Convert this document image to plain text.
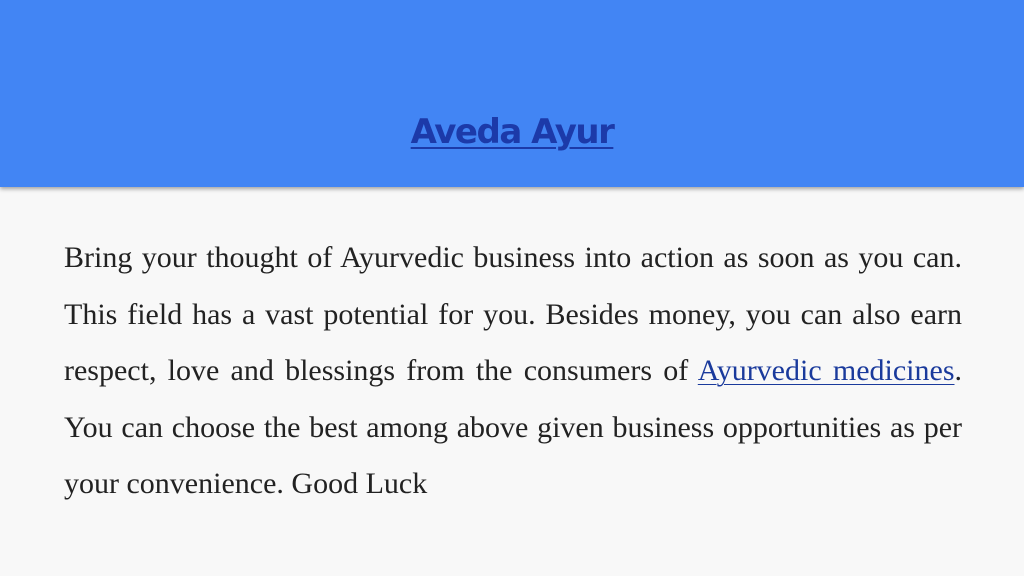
Aveda Ayur

Bring your thought of Ayurvedic business into action as soon as you can. This field has a vast potential for you. Besides money, you can also earn respect, love and blessings from the consumers of Ayurvedic medicines. You can choose the best among above given business opportunities as per your convenience. Good Luck
